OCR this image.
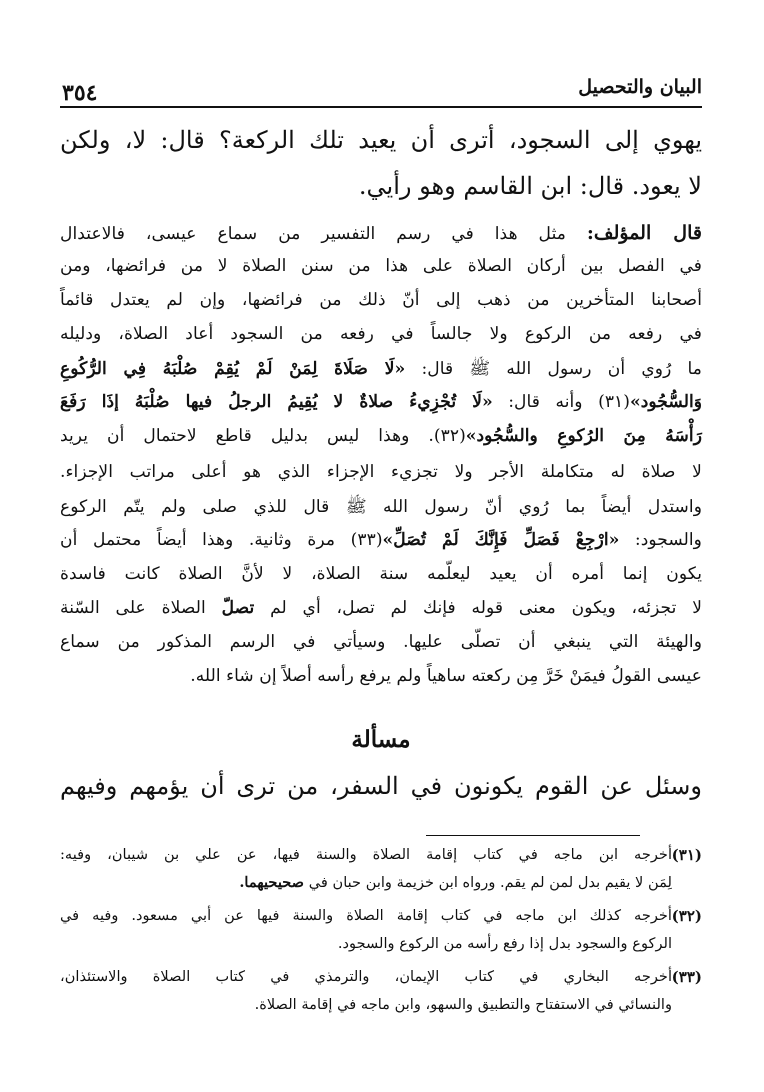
البيان والتحصيل
٣٥٤
يهوي إلى السجود، أترى أن يعيد تلك الركعة؟ قال: لا، ولكن
لا يعود. قال: ابن القاسم وهو رأيي.
قال المؤلف: مثل هذا في رسم التفسير من سماع عيسى، فالاعتدال
في الفصل بين أركان الصلاة على هذا من سنن الصلاة لا من فرائضها، ومن
أصحابنا المتأخرين من ذهب إلى أنّ ذلك من فرائضها، وإن لم يعتدل قائماً
في رفعه من الركوع ولا جالساً في رفعه من السجود أعاد الصلاة، ودليله
ما رُوي أن رسول الله ﷺ قال: «لَا صَلَاةَ لِمَنْ لَمْ يُقِمْ صُلْبَهُ فِي الرُّكُوعِ
وَالسُّجُود»(٣١) وأنه قال: «لَا تُجْزِيءُ صلاةٌ لا يُقِيمُ الرجلُ فيها صُلْبَهُ إذَا رَفَعَ
رَأْسَهُ مِنَ الرُكوعِ والسُّجُود»(٣٢). وهذا ليس بدليل قاطع لاحتمال أن يريد
لا صلاة له متكاملة الأجر ولا تجزيء الإجزاء الذي هو أعلى مراتب الإجزاء.
واستدل أيضاً بما رُوي أنّ رسول الله ﷺ قال للذي صلى ولم يتّم الركوع
والسجود: «ارْجِعْ فَصَلِّ فَإِنَّكَ لَمْ تُصَلِّ»(٣٣) مرة وثانية. وهذا أيضاً محتمل أن
يكون إنما أمره أن يعيد ليعلّمه سنة الصلاة، لا لأنَّ الصلاة كانت فاسدة
لا تجزئه، ويكون معنى قوله فإنك لم تصل، أي لم تصلّ الصلاة على السّنة
والهيئة التي ينبغي أن تصلّى عليها. وسيأتي في الرسم المذكور من سماع
عيسى القولُ فيمَنْ خَرَّ مِن ركعته ساهياً ولم يرفع رأسه أصلاً إن شاء الله.
مسألة
وسئل عن القوم يكونون في السفر، من ترى أن يؤمهم وفيهم
(٣١)
أخرجه ابن ماجه في كتاب إقامة الصلاة والسنة فيها، عن علي بن شيبان، وفيه:
لِمَن لا يقيم بدل لمن لم يقم. ورواه ابن خزيمة وابن حبان في صحيحيهما.
(٣٢)
أخرجه كذلك ابن ماجه في كتاب إقامة الصلاة والسنة فيها عن أبي مسعود. وفيه في
الركوع والسجود بدل إذا رفع رأسه من الركوع والسجود.
(٣٣)
أخرجه البخاري في كتاب الإيمان، والترمذي في كتاب الصلاة والاستئذان،
والنسائي في الاستفتاح والتطبيق والسهو، وابن ماجه في إقامة الصلاة.
